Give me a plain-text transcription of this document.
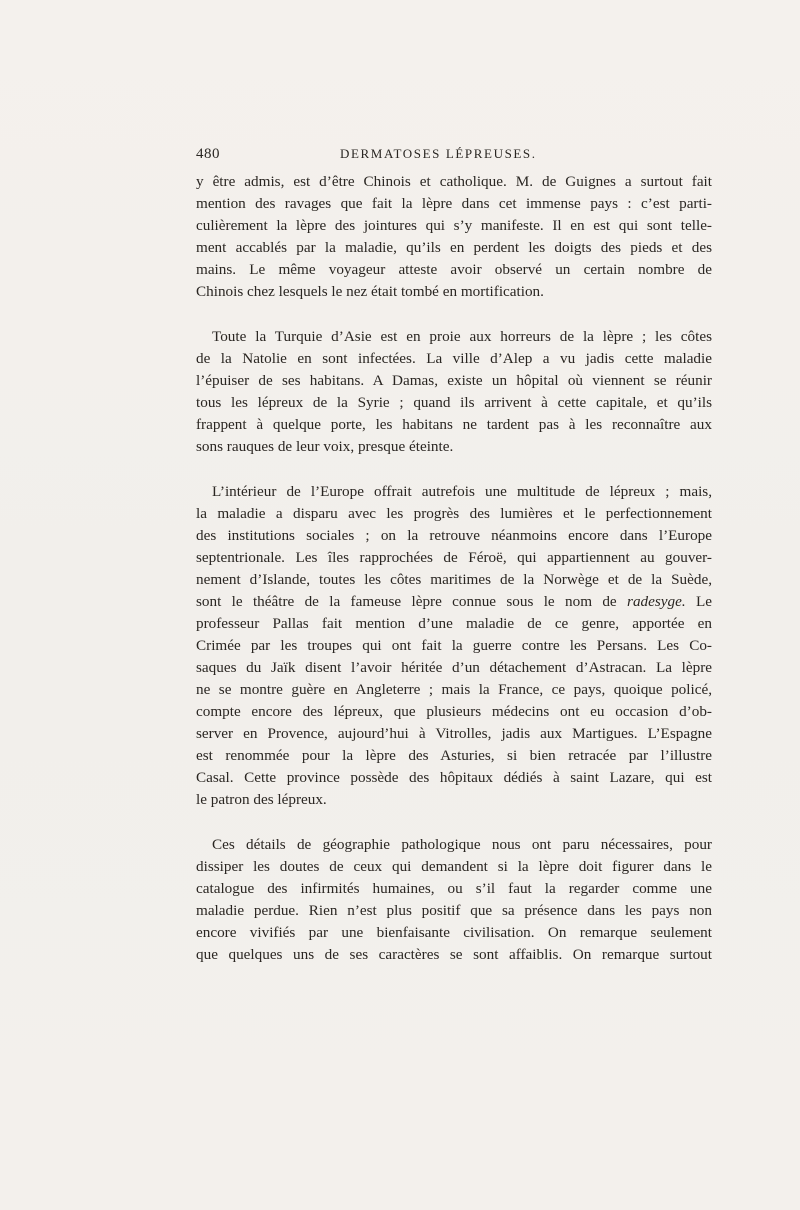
480	DERMATOSES LÉPREUSES.
y être admis, est d’être Chinois et catholique. M. de Guignes a surtout fait
mention des ravages que fait la lèpre dans cet immense pays : c’est parti-
culièrement la lèpre des jointures qui s’y manifeste. Il en est qui sont telle-
ment accablés par la maladie, qu’ils en perdent les doigts des pieds et des
mains. Le même voyageur atteste avoir observé un certain nombre de
Chinois chez lesquels le nez était tombé en mortification.
Toute la Turquie d’Asie est en proie aux horreurs de la lèpre ; les côtes
de la Natolie en sont infectées. La ville d’Alep a vu jadis cette maladie
l’épuiser de ses habitans. A Damas, existe un hôpital où viennent se réunir
tous les lépreux de la Syrie ; quand ils arrivent à cette capitale, et qu’ils
frappent à quelque porte, les habitans ne tardent pas à les reconnaître aux
sons rauques de leur voix, presque éteinte.
L’intérieur de l’Europe offrait autrefois une multitude de lépreux ; mais,
la maladie a disparu avec les progrès des lumières et le perfectionnement
des institutions sociales ; on la retrouve néanmoins encore dans l’Europe
septentrionale. Les îles rapprochées de Féroë, qui appartiennent au gouver-
nement d’Islande, toutes les côtes maritimes de la Norwège et de la Suède,
sont le théâtre de la fameuse lèpre connue sous le nom de radesyge. Le
professeur Pallas fait mention d’une maladie de ce genre, apportée en
Crimée par les troupes qui ont fait la guerre contre les Persans. Les Co-
saques du Jaïk disent l’avoir héritée d’un détachement d’Astracan. La lèpre
ne se montre guère en Angleterre ; mais la France, ce pays, quoique policé,
compte encore des lépreux, que plusieurs médecins ont eu occasion d’ob-
server en Provence, aujourd’hui à Vitrolles, jadis aux Martigues. L’Espagne
est renommée pour la lèpre des Asturies, si bien retracée par l’illustre
Casal. Cette province possède des hôpitaux dédiés à saint Lazare, qui est
le patron des lépreux.
Ces détails de géographie pathologique nous ont paru nécessaires, pour
dissiper les doutes de ceux qui demandent si la lèpre doit figurer dans le
catalogue des infirmités humaines, ou s’il faut la regarder comme une
maladie perdue. Rien n’est plus positif que sa présence dans les pays non
encore vivifiés par une bienfaisante civilisation. On remarque seulement
que quelques uns de ses caractères se sont affaiblis. On remarque surtout
